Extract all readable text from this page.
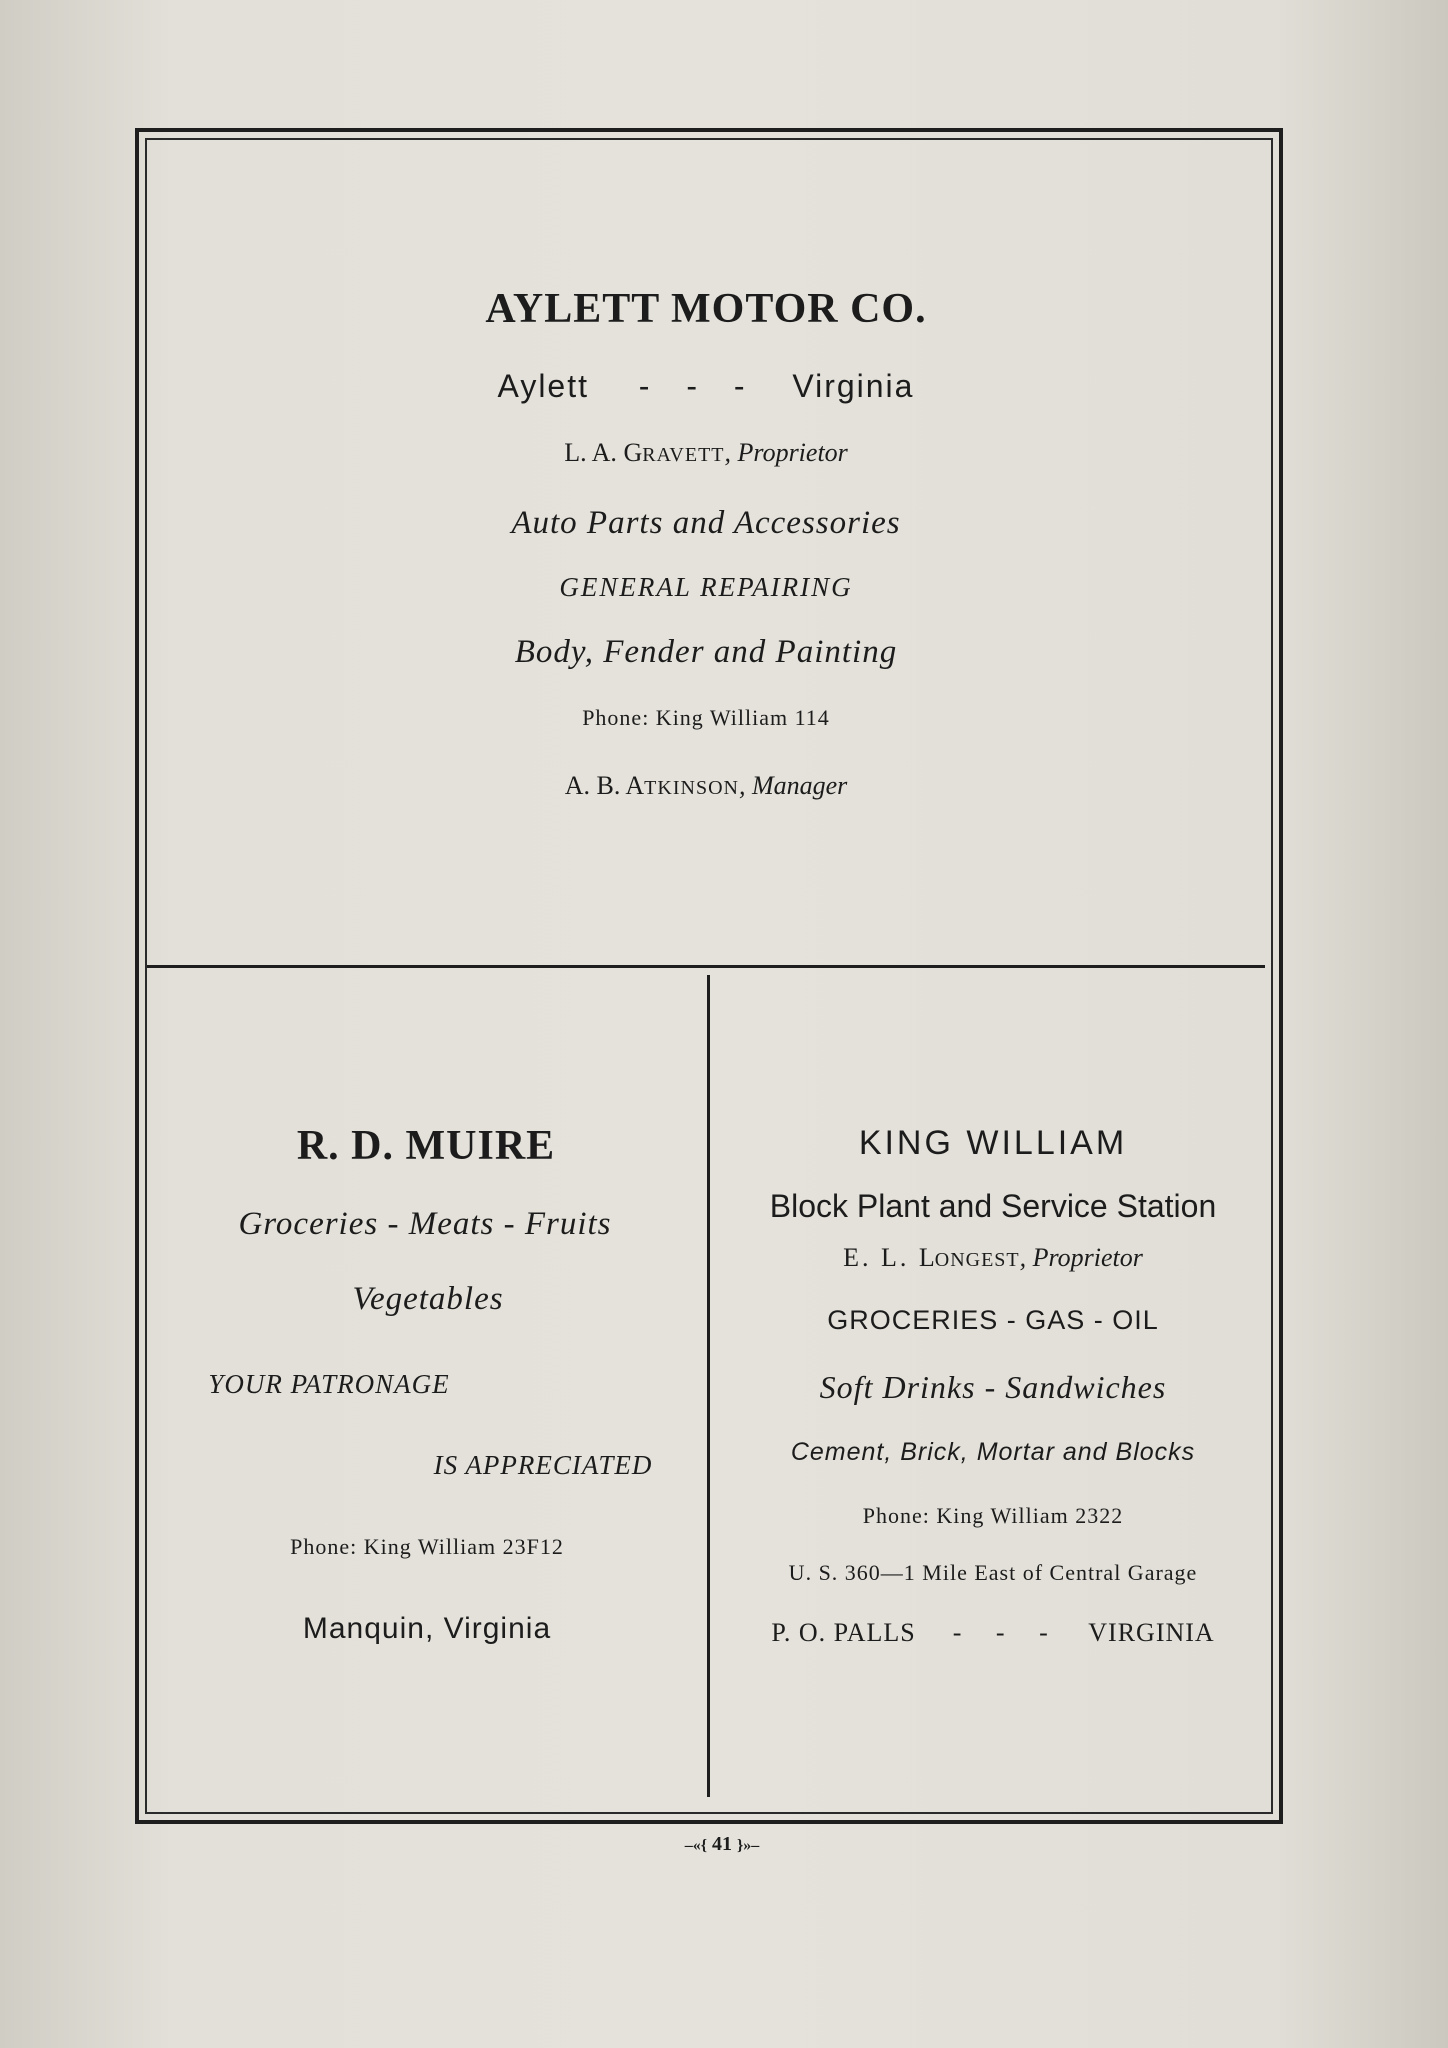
AYLETT MOTOR CO.
Aylett - - - Virginia
L. A. GRAVETT, Proprietor
Auto Parts and Accessories
GENERAL REPAIRING
Body, Fender and Painting
Phone: King William 114
A. B. ATKINSON, Manager
R. D. MUIRE
Groceries - Meats - Fruits
Vegetables
YOUR PATRONAGE
IS APPRECIATED
Phone: King William 23F12
Manquin, Virginia
KING WILLIAM
Block Plant and Service Station
E. L. LONGEST, Proprietor
GROCERIES - GAS - OIL
Soft Drinks - Sandwiches
Cement, Brick, Mortar and Blocks
Phone: King William 2322
U. S. 360—1 Mile East of Central Garage
P. O. PALLS - - - VIRGINIA
–«{ 41 }»–
